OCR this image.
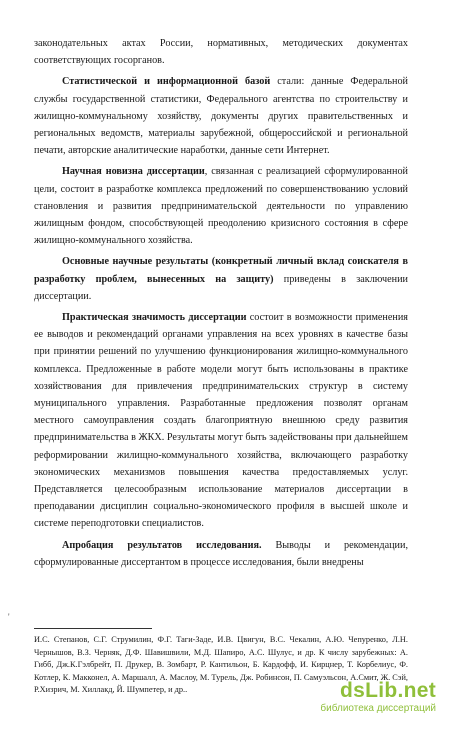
законодательных актах России, нормативных, методических документах соответствующих госорганов.

Статистической и информационной базой стали: данные Федеральной службы государственной статистики, Федерального агентства по строительству и жилищно-коммунальному хозяйству, документы других правительственных и региональных ведомств, материалы зарубежной, общероссийской и региональной печати, авторские аналитические наработки, данные сети Интернет.

Научная новизна диссертации, связанная с реализацией сформулированной цели, состоит в разработке комплекса предложений по совершенствованию условий становления и развития предпринимательской деятельности по управлению жилищным фондом, способствующей преодолению кризисного состояния в сфере жилищно-коммунального хозяйства.

Основные научные результаты (конкретный личный вклад соискателя в разработку проблем, вынесенных на защиту) приведены в заключении диссертации.

Практическая значимость диссертации состоит в возможности применения ее выводов и рекомендаций органами управления на всех уровнях в качестве базы при принятии решений по улучшению функционирования жилищно-коммунального комплекса. Предложенные в работе модели могут быть использованы в практике хозяйствования для привлечения предпринимательских структур в систему муниципального управления. Разработанные предложения позволят органам местного самоуправления создать благоприятную внешнюю среду развития предпринимательства в ЖКХ. Результаты могут быть задействованы при дальнейшем реформировании жилищно-коммунального хозяйства, включающего разработку экономических механизмов повышения качества предоставляемых услуг. Представляется целесообразным использование материалов диссертации в преподавании дисциплин социально-экономического профиля в высшей школе и системе переподготовки специалистов.

Апробация результатов исследования. Выводы и рекомендации, сформулированные диссертантом в процессе исследования, были внедрены

'

И.С. Степанов, С.Г. Струмилин, Ф.Г. Таги-Заде, И.В. Цвигун, В.С. Чекалин, А.Ю. Чепуренко, Л.Н. Чернышов, В.З. Черняк, Д.Ф. Шавишвили, М.Д. Шапиро, А.С. Шулус, и др. К числу зарубежных: А. Гибб, Дж.К.Гэлбрейт, П. Друкер, В. Зомбарт, Р. Кантильон, Б. Кардофф, И. Кирцнер, Т. Корбелиус, Ф. Котлер, К. Макконел, А. Маршалл, А. Маслоу, М. Турель, Дж. Робинсон, П. Самуэльсон, А.Смит, Ж. Сэй, Р.Хизрич, М. Хиллакд, Й. Шумпетер, и др..	dsLib.net
библиотека диссертаций
